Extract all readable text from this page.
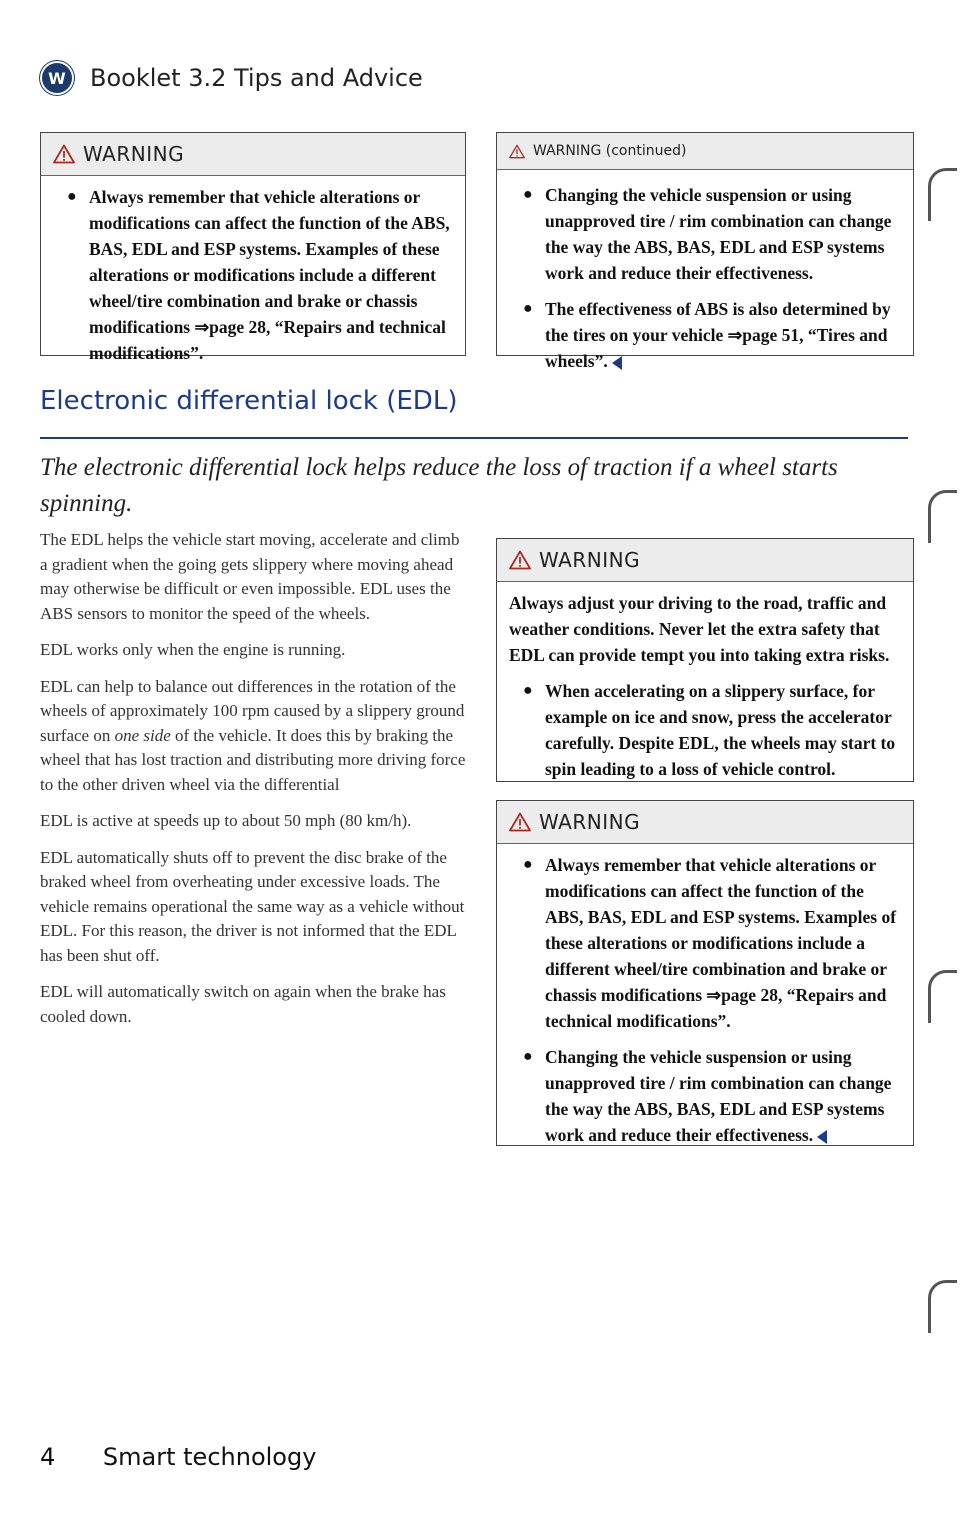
W	Booklet 3.2 Tips and Advice
WARNING
● Always remember that vehicle alterations or modifications can affect the function of the ABS, BAS, EDL and ESP systems. Examples of these alterations or modifications include a different wheel/tire combination and brake or chassis modifications ⇒page 28, “Repairs and technical modifications”.
WARNING (continued)
● Changing the vehicle suspension or using unapproved tire / rim combination can change the way the ABS, BAS, EDL and ESP systems work and reduce their effectiveness.
● The effectiveness of ABS is also determined by the tires on your vehicle ⇒page 51, “Tires and wheels”.
Electronic differential lock (EDL)
The electronic differential lock helps reduce the loss of traction if a wheel starts spinning.

The EDL helps the vehicle start moving, accelerate and climb a gradient when the going gets slippery where moving ahead may otherwise be difficult or even impossible. EDL uses the ABS sensors to monitor the speed of the wheels.

EDL works only when the engine is running.

EDL can help to balance out differences in the rotation of the wheels of approximately 100 rpm caused by a slippery ground surface on one side of the vehicle. It does this by braking the wheel that has lost traction and distributing more driving force to the other driven wheel via the differential

EDL is active at speeds up to about 50 mph (80 km/h).

EDL automatically shuts off to prevent the disc brake of the braked wheel from overheating under excessive loads. The vehicle remains operational the same way as a vehicle without EDL. For this reason, the driver is not informed that the EDL has been shut off.

EDL will automatically switch on again when the brake has cooled down.

WARNING
Always adjust your driving to the road, traffic and weather conditions. Never let the extra safety that EDL can provide tempt you into taking extra risks.
● When accelerating on a slippery surface, for example on ice and snow, press the accelerator carefully. Despite EDL, the wheels may start to spin leading to a loss of vehicle control.
WARNING
● Always remember that vehicle alterations or modifications can affect the function of the ABS, BAS, EDL and ESP systems. Examples of these alterations or modifications include a different wheel/tire combination and brake or chassis modifications ⇒page 28, “Repairs and technical modifications”.
● Changing the vehicle suspension or using unapproved tire / rim combination can change the way the ABS, BAS, EDL and ESP systems work and reduce their effectiveness.
4 Smart technology
